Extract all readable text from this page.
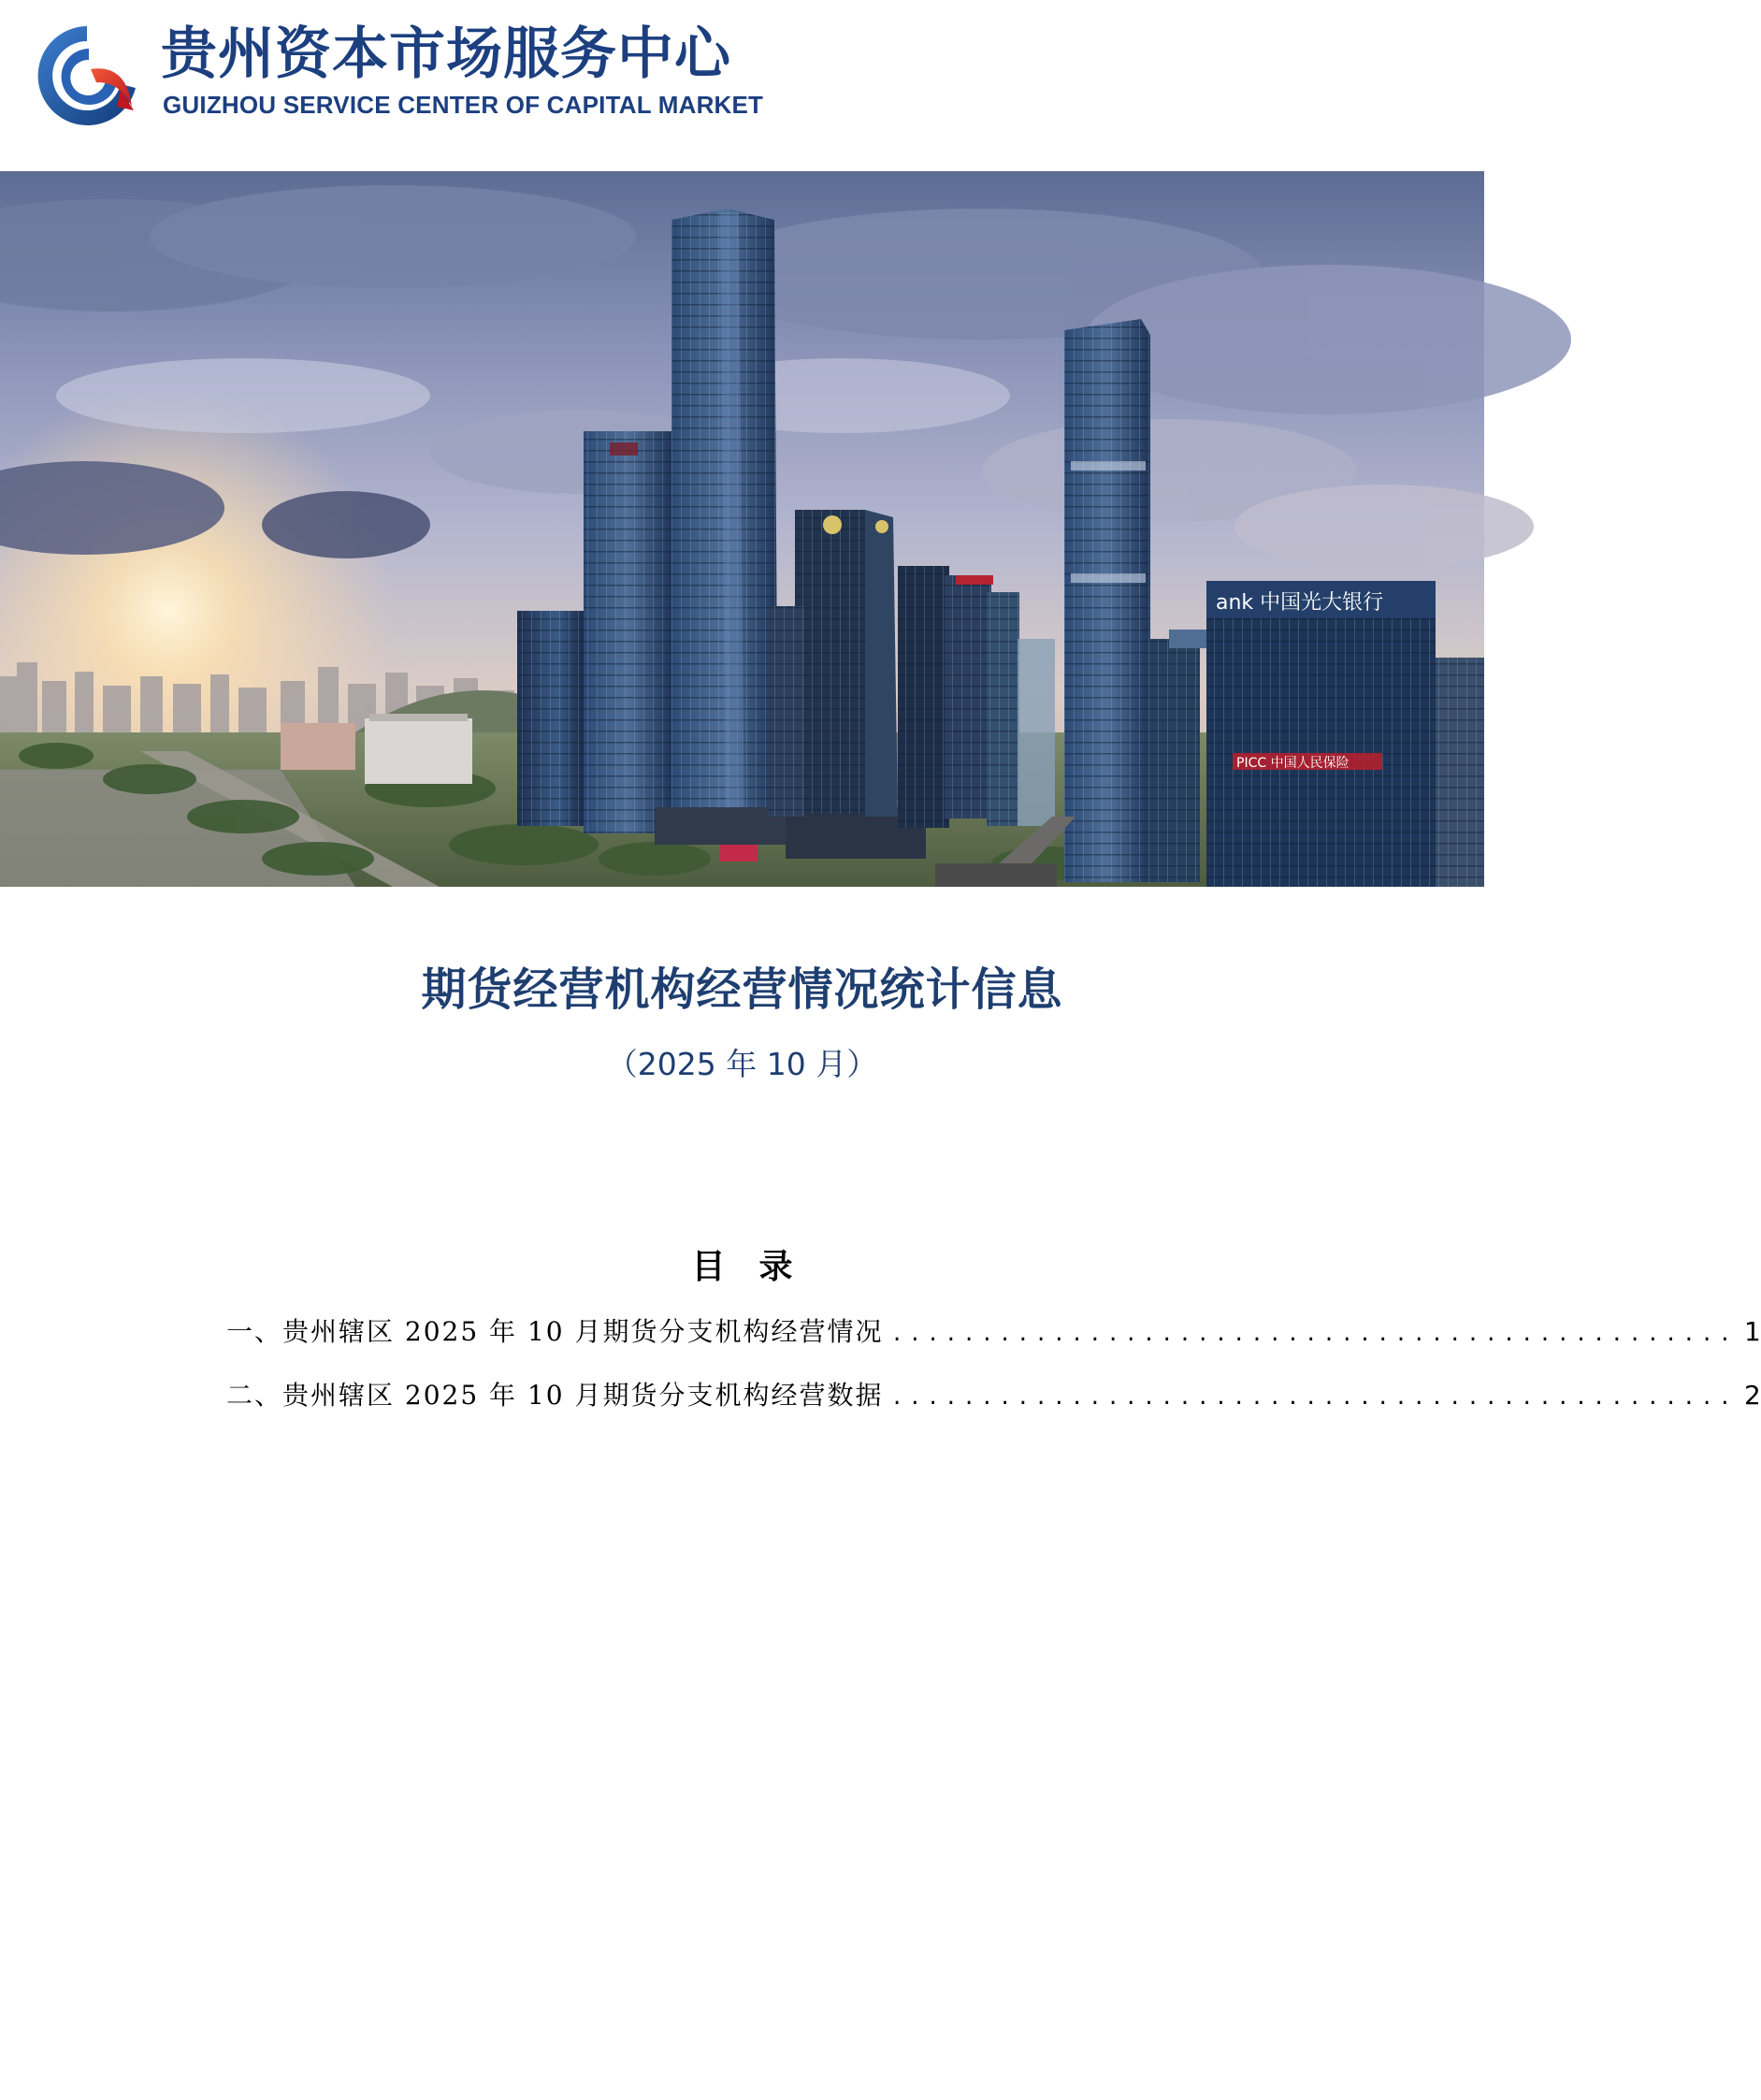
贵州资本市场服务中心
GUIZHOU SERVICE CENTER OF CAPITAL MARKET
ank 中国光大银行
PICC 中国人民保险
期货经营机构经营情况统计信息
（2025 年 10 月）
目　录
一、贵州辖区 2025 年 10 月期货分支机构经营情况 ............................................... 1
二、贵州辖区 2025 年 10 月期货分支机构经营数据 ............................................... 2
